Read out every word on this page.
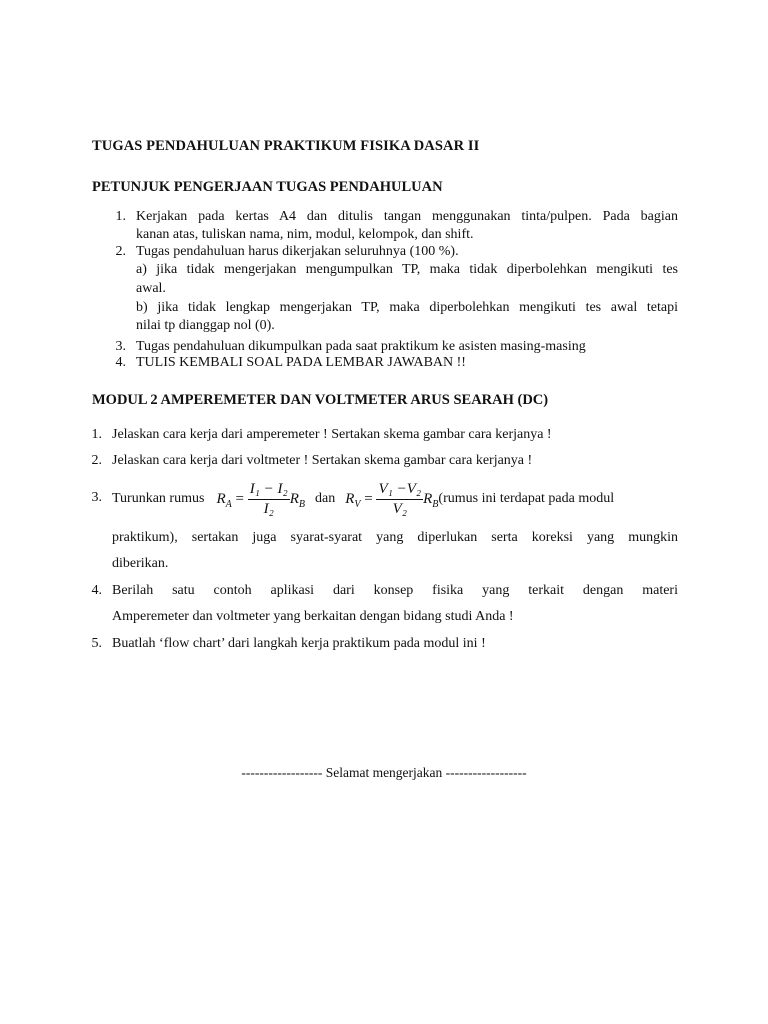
TUGAS PENDAHULUAN PRAKTIKUM FISIKA DASAR II
PETUNJUK PENGERJAAN TUGAS PENDAHULUAN
1. Kerjakan pada kertas A4 dan ditulis tangan menggunakan tinta/pulpen. Pada bagian
kanan atas, tuliskan nama, nim, modul, kelompok, dan shift.
2. Tugas pendahuluan harus dikerjakan seluruhnya (100 %).
a) jika tidak mengerjakan mengumpulkan TP, maka tidak diperbolehkan mengikuti tes
awal.
b) jika tidak lengkap mengerjakan TP, maka diperbolehkan mengikuti tes awal tetapi
nilai tp dianggap nol (0).
3. Tugas pendahuluan dikumpulkan pada saat praktikum ke asisten masing-masing
4. TULIS KEMBALI SOAL PADA LEMBAR JAWABAN !!
MODUL 2 AMPEREMETER DAN VOLTMETER ARUS SEARAH (DC)
1. Jelaskan cara kerja dari amperemeter ! Sertakan skema gambar cara kerjanya !
2. Jelaskan cara kerja dari voltmeter ! Sertakan skema gambar cara kerjanya !
3. Turunkan rumus $R_A = \frac{\text{I₁ − I₂}}{\text{I₂}} R_B$ dan $R_V = \frac{\text{V₁ −V₂}}{\text{V₂}} R_B$ (rumus ini terdapat pada modul
praktikum), sertakan juga syarat-syarat yang diperlukan serta koreksi yang mungkin
diberikan.
4. Berilah satu contoh aplikasi dari konsep fisika yang terkait dengan materi
Amperemeter dan voltmeter yang berkaitan dengan bidang studi Anda !
5. Buatlah ‘flow chart’ dari langkah kerja praktikum pada modul ini !
------------------ Selamat mengerjakan ------------------
